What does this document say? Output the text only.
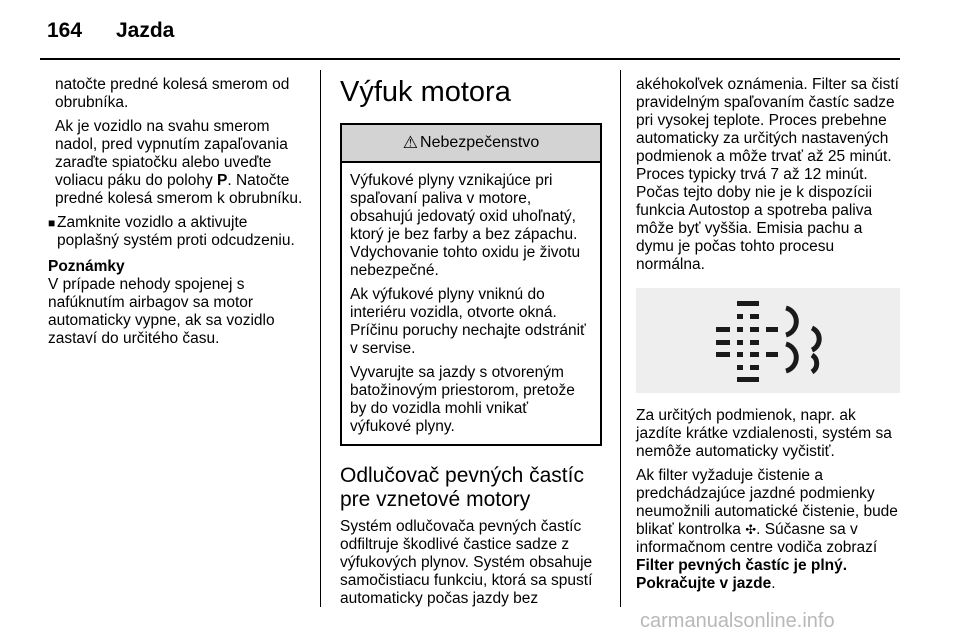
164 Jazda

natočte predné kolesá smerom od obrubníka.

Ak je vozidlo na svahu smerom nadol, pred vypnutím zapaľovania zaraďte spiatočku alebo uveďte voliacu páku do polohy P. Natočte predné kolesá smerom k obrubníku.

■ Zamknite vozidlo a aktivujte poplašný systém proti odcudzeniu.

Poznámky

V prípade nehody spojenej s nafúknutím airbagov sa motor automaticky vypne, ak sa vozidlo zastaví do určitého času.

Výfuk motora
⚠ Nebezpečenstvo

Výfukové plyny vznikajúce pri spaľovaní paliva v motore, obsahujú jedovatý oxid uhoľnatý, ktorý je bez farby a bez zápachu. Vdychovanie tohto oxidu je životu nebezpečné.

Ak výfukové plyny vniknú do interiéru vozidla, otvorte okná. Príčinu poruchy nechajte odstrániť v servise.

Vyvarujte sa jazdy s otvoreným batožinovým priestorom, pretože by do vozidla mohli vnikať výfukové plyny.

Odlučovač pevných častíc pre vznetové motory

Systém odlučovača pevných častíc odfiltruje škodlivé častice sadze z výfukových plynov. Systém obsahuje samočistiacu funkciu, ktorá sa spustí automaticky počas jazdy bez

akéhokoľvek oznámenia. Filter sa čistí pravidelným spaľovaním častíc sadze pri vysokej teplote. Proces prebehne automaticky za určitých nastavených podmienok a môže trvať až 25 minút. Proces typicky trvá 7 až 12 minút. Počas tejto doby nie je k dispozícii funkcia Autostop a spotreba paliva môže byť vyššia. Emisia pachu a dymu je počas tohto procesu normálna.

Za určitých podmienok, napr. ak jazdíte krátke vzdialenosti, systém sa nemôže automaticky vyčistiť.

Ak filter vyžaduje čistenie a predchádzajúce jazdné podmienky neumožnili automatické čistenie, bude blikať kontrolka ✣. Súčasne sa v informačnom centre vodiča zobrazí Filter pevných častíc je plný. Pokračujte v jazde.

carmanualsonline.info
